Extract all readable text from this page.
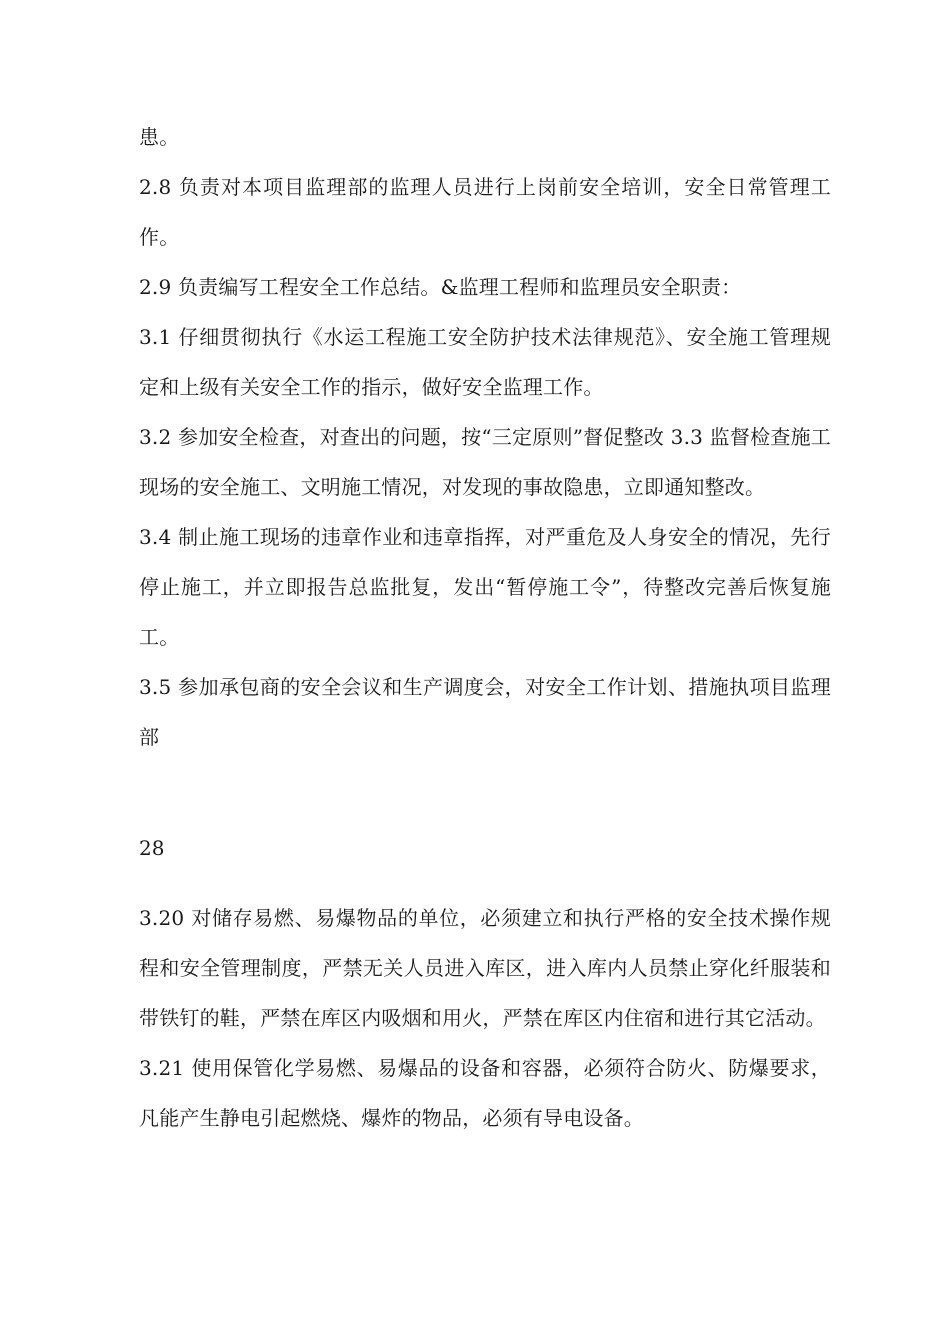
患。

2.8 负责对本项目监理部的监理人员进行上岗前安全培训，安全日常管理工作。

2.9 负责编写工程安全工作总结。&监理工程师和监理员安全职责：

3.1 仔细贯彻执行《水运工程施工安全防护技术法律规范》、安全施工管理规定和上级有关安全工作的指示，做好安全监理工作。

3.2 参加安全检查，对查出的问题，按“三定原则”督促整改 3.3 监督检查施工现场的安全施工、文明施工情况，对发现的事故隐患，立即通知整改。

3.4 制止施工现场的违章作业和违章指挥，对严重危及人身安全的情况，先行停止施工，并立即报告总监批复，发出“暂停施工令”，待整改完善后恢复施工。

3.5 参加承包商的安全会议和生产调度会，对安全工作计划、措施执项目监理部

28

3.20 对储存易燃、易爆物品的单位，必须建立和执行严格的安全技术操作规程和安全管理制度，严禁无关人员进入库区，进入库内人员禁止穿化纤服装和带铁钉的鞋，严禁在库区内吸烟和用火，严禁在库区内住宿和进行其它活动。

3.21 使用保管化学易燃、易爆品的设备和容器，必须符合防火、防爆要求，凡能产生静电引起燃烧、爆炸的物品，必须有导电设备。
